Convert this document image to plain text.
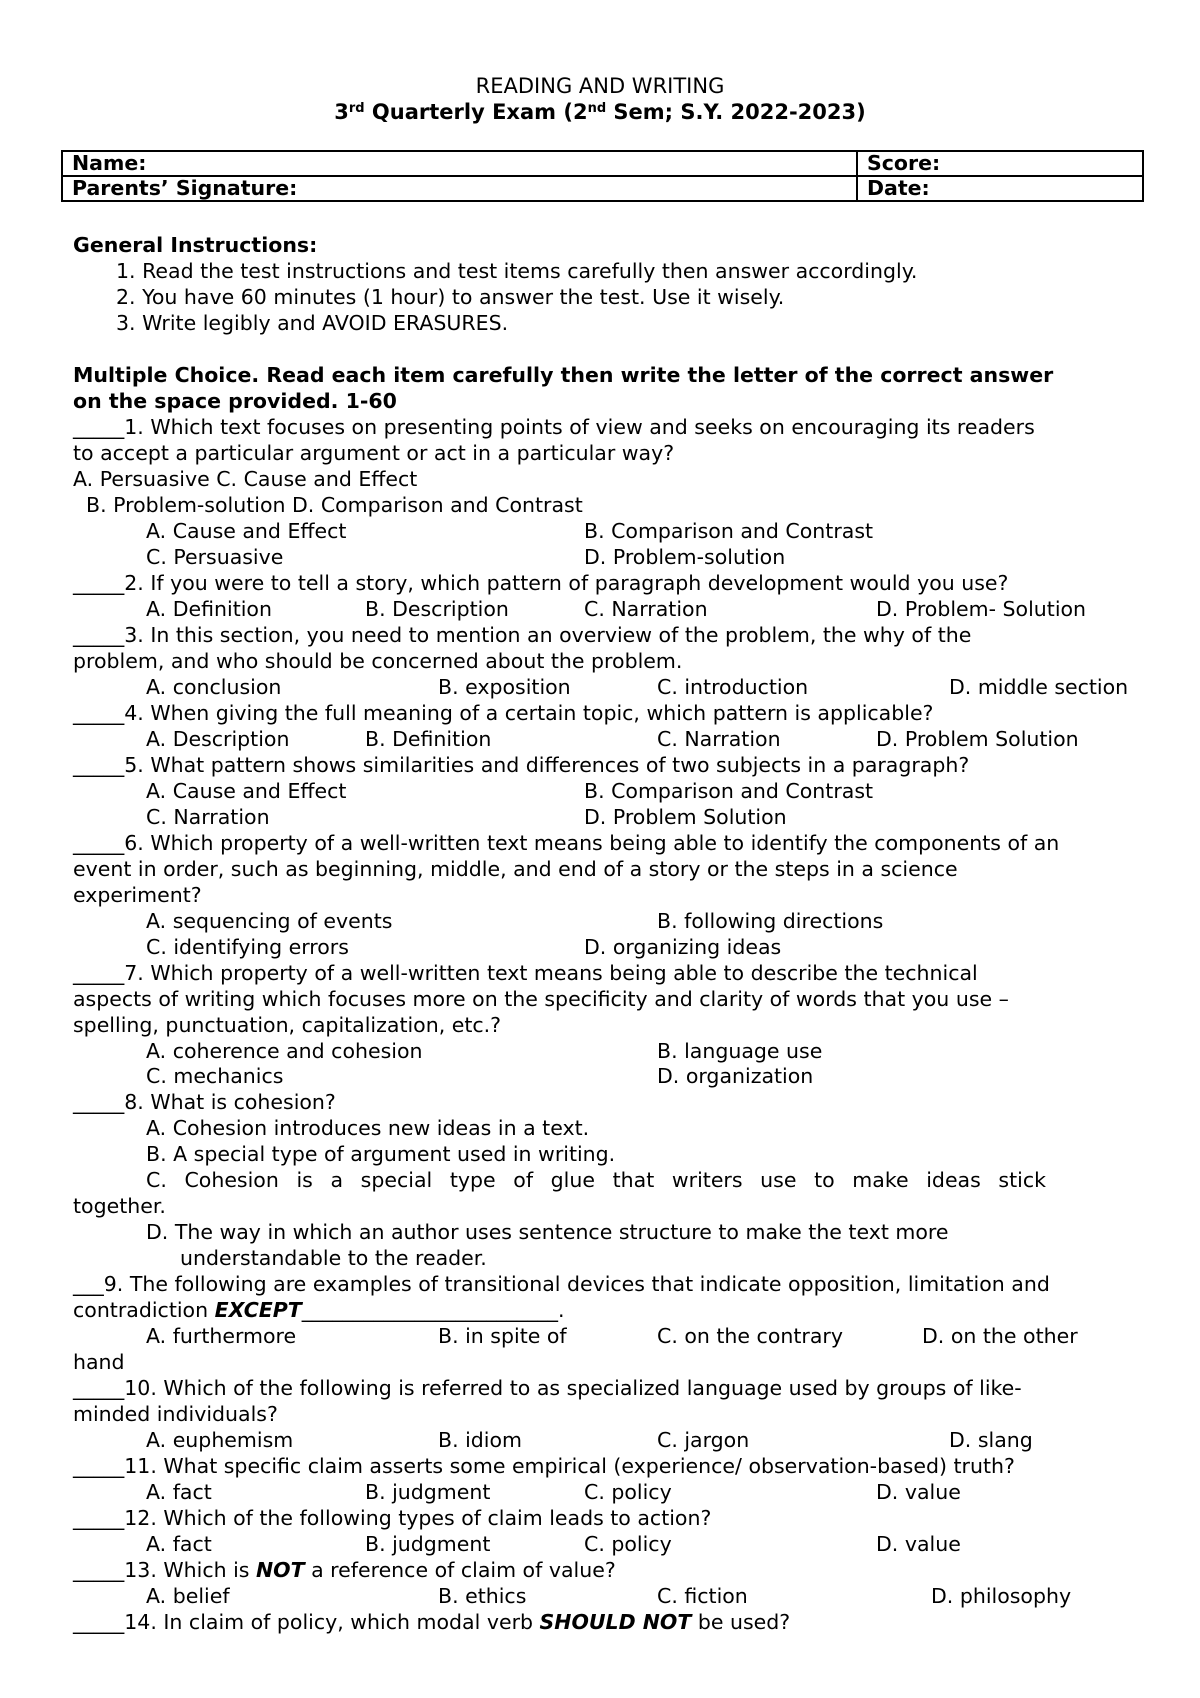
READING AND WRITING
3rd Quarterly Exam (2nd Sem; S.Y. 2022-2023)
Name:	Score:
Parents’ Signature:	Date:
General Instructions:
1. Read the test instructions and test items carefully then answer accordingly.
2. You have 60 minutes (1 hour) to answer the test. Use it wisely.
3. Write legibly and AVOID ERASURES.
Multiple Choice. Read each item carefully then write the letter of the correct answer
on the space provided. 1-60
_____1. Which text focuses on presenting points of view and seeks on encouraging its readers
to accept a particular argument or act in a particular way?
A. Persuasive C. Cause and Effect
B. Problem-solution D. Comparison and Contrast
A. Cause and Effect	B. Comparison and Contrast
C. Persuasive	D. Problem-solution
_____2. If you were to tell a story, which pattern of paragraph development would you use?
A. Definition	B. Description	C. Narration	D. Problem- Solution
_____3. In this section, you need to mention an overview of the problem, the why of the
problem, and who should be concerned about the problem.
A. conclusion	B. exposition	C. introduction	D. middle section
_____4. When giving the full meaning of a certain topic, which pattern is applicable?
A. Description	B. Definition	C. Narration	D. Problem Solution
_____5. What pattern shows similarities and differences of two subjects in a paragraph?
A. Cause and Effect	B. Comparison and Contrast
C. Narration	D. Problem Solution
_____6. Which property of a well-written text means being able to identify the components of an
event in order, such as beginning, middle, and end of a story or the steps in a science
experiment?
A. sequencing of events	B. following directions
C. identifying errors	D. organizing ideas
_____7. Which property of a well-written text means being able to describe the technical
aspects of writing which focuses more on the specificity and clarity of words that you use –
spelling, punctuation, capitalization, etc.?
A. coherence and cohesion	B. language use
C. mechanics	D. organization
_____8. What is cohesion?
A. Cohesion introduces new ideas in a text.
B. A special type of argument used in writing.
C. Cohesion is a special type of glue that writers use to make ideas stick
together.
D. The way in which an author uses sentence structure to make the text more
understandable to the reader.
___9. The following are examples of transitional devices that indicate opposition, limitation and
contradiction EXCEPT_________________________.
A. furthermore	B. in spite of	C. on the contrary	D. on the other
hand
_____10. Which of the following is referred to as specialized language used by groups of like-
minded individuals?
A. euphemism	B. idiom	C. jargon	D. slang
_____11. What specific claim asserts some empirical (experience/ observation-based) truth?
A. fact	B. judgment	C. policy	D. value
_____12. Which of the following types of claim leads to action?
A. fact	B. judgment	C. policy	D. value
_____13. Which is NOT a reference of claim of value?
A. belief	B. ethics	C. fiction	D. philosophy
_____14. In claim of policy, which modal verb SHOULD NOT be used?
